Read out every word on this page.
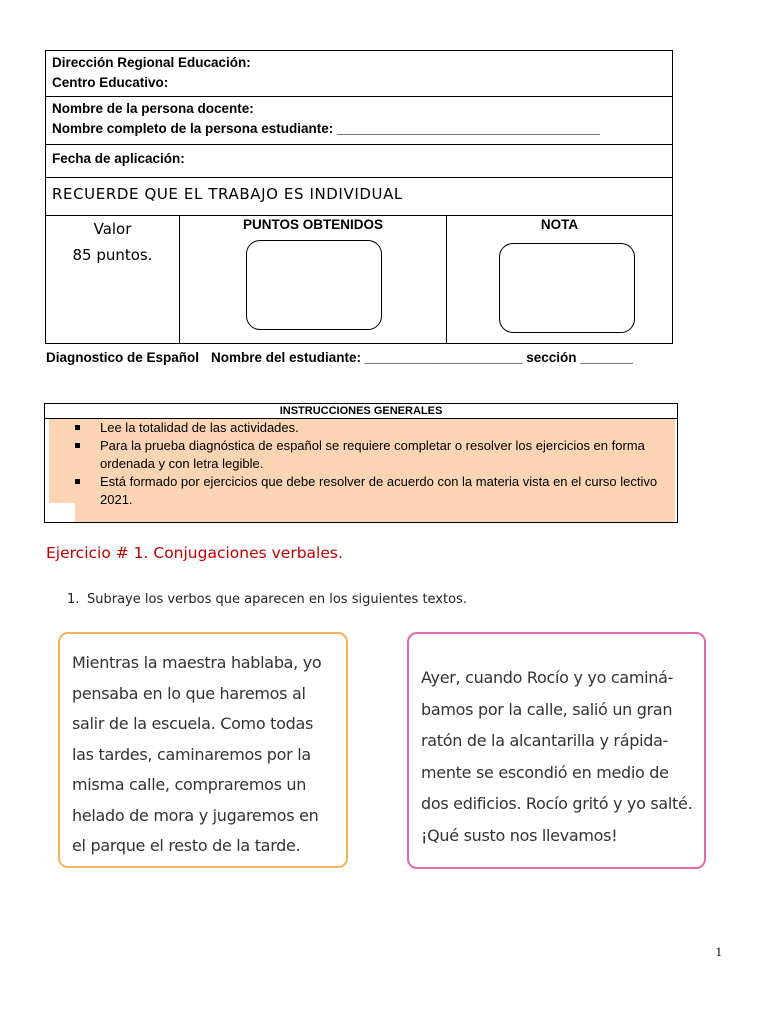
Dirección Regional Educación:
Centro Educativo:
Nombre de la persona docente:
Nombre completo de la persona estudiante: ___________________________________
Fecha de aplicación:
RECUERDE QUE EL TRABAJO ES INDIVIDUAL
Valor
85 puntos.
PUNTOS OBTENIDOS	NOTA
Diagnostico de Español Nombre del estudiante: _____________________ sección _______
INSTRUCCIONES GENERALES
Lee la totalidad de las actividades.
Para la prueba diagnóstica de español se requiere completar o resolver los ejercicios en forma ordenada y con letra legible.
Está formado por ejercicios que debe resolver de acuerdo con la materia vista en el curso lectivo 2021.
Ejercicio # 1. Conjugaciones verbales.
1. Subraye los verbos que aparecen en los siguientes textos.
Mientras la maestra hablaba, yo
pensaba en lo que haremos al
salir de la escuela. Como todas
las tardes, caminaremos por la
misma calle, compraremos un
helado de mora y jugaremos en
el parque el resto de la tarde.
Ayer, cuando Rocío y yo caminá-
bamos por la calle, salió un gran
ratón de la alcantarilla y rápida-
mente se escondió en medio de
dos edificios. Rocío gritó y yo salté.
¡Qué susto nos llevamos!
1
